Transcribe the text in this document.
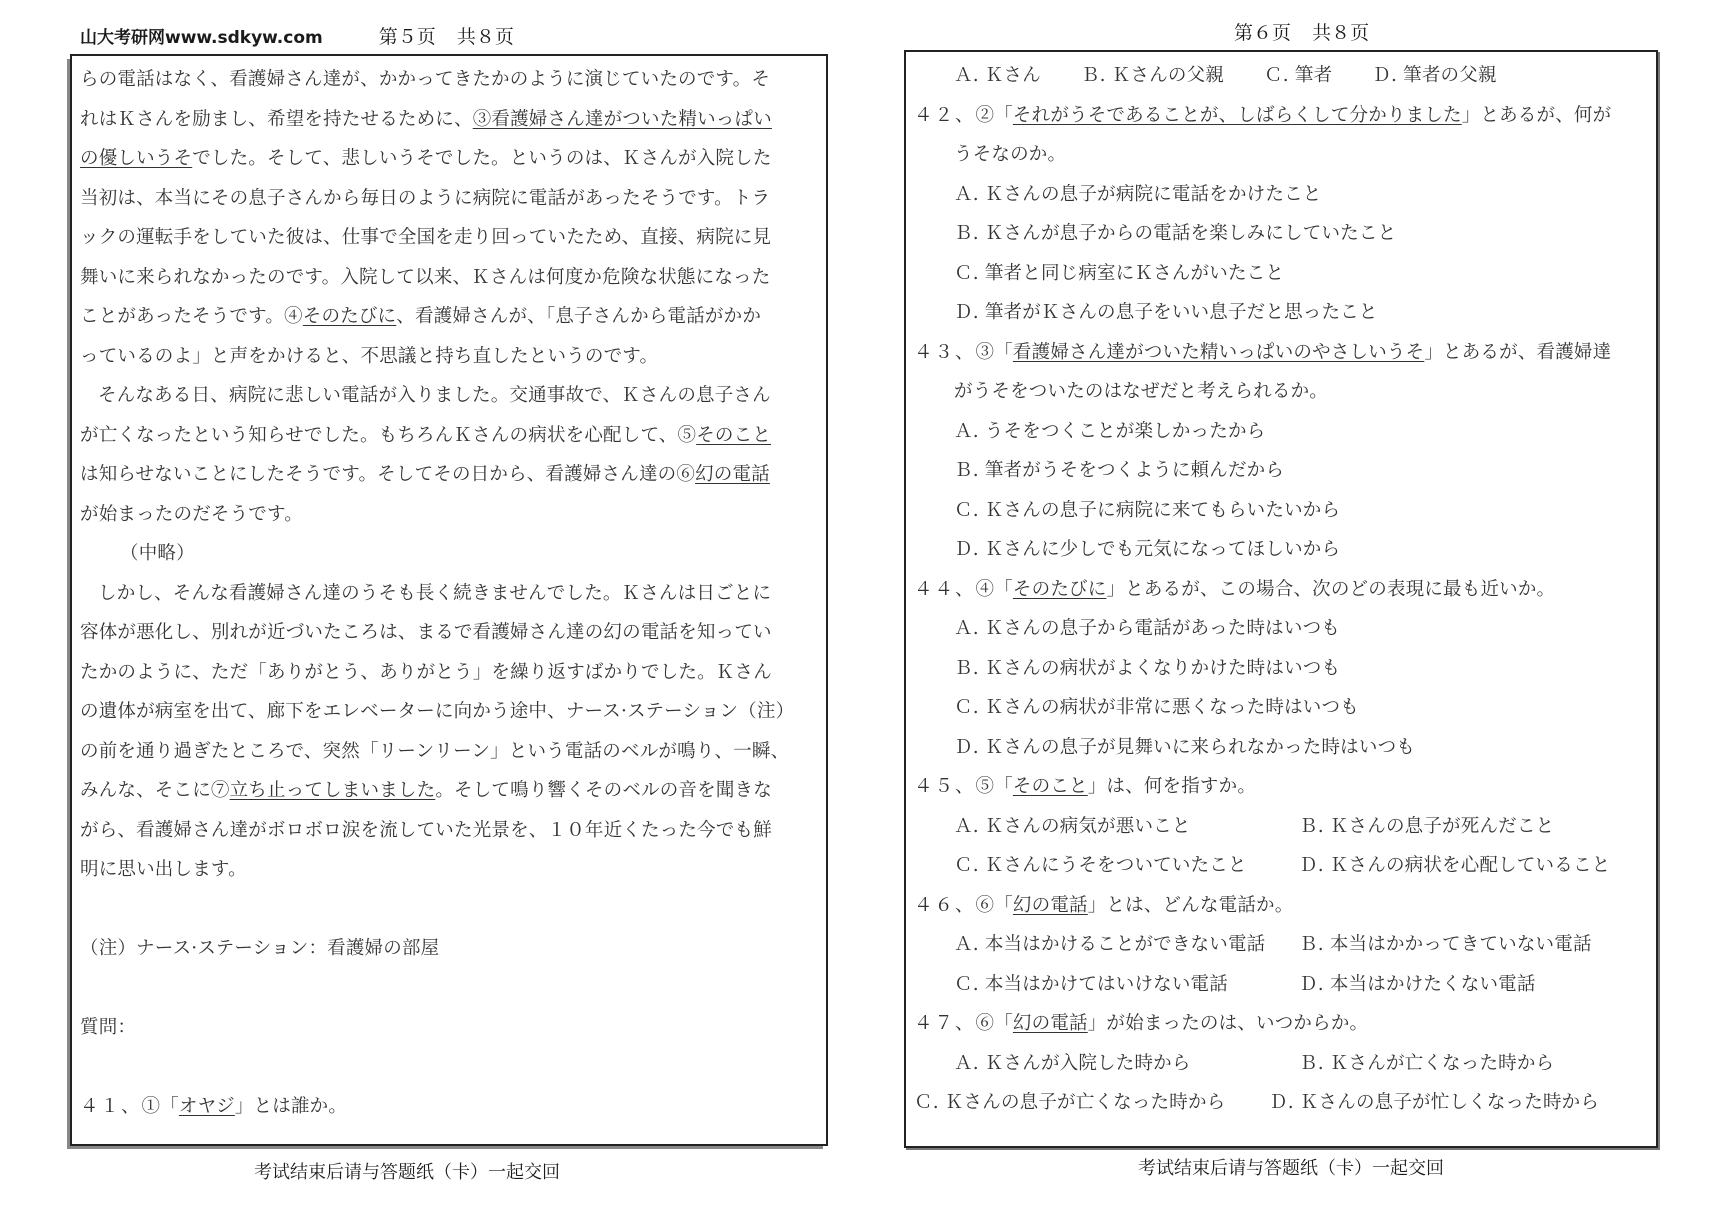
山大考研网www.sdkyw.com	第５页 共８页	第６页 共８页
らの電話はなく、看護婦さん達が、かかってきたかのように演じていたのです。そ
れはＫさんを励まし、希望を持たせるために、③看護婦さん達がついた精いっぱい
の優しいうそでした。そして、悲しいうそでした。というのは、Ｋさんが入院した
当初は、本当にその息子さんから毎日のように病院に電話があったそうです。トラ
ックの運転手をしていた彼は、仕事で全国を走り回っていたため、直接、病院に見
舞いに来られなかったのです。入院して以来、Ｋさんは何度か危険な状態になった
ことがあったそうです。④そのたびに、看護婦さんが、「息子さんから電話がかか
っているのよ」と声をかけると、不思議と持ち直したというのです。
そんなある日、病院に悲しい電話が入りました。交通事故で、Ｋさんの息子さん
が亡くなったという知らせでした。もちろんＫさんの病状を心配して、⑤そのこと
は知らせないことにしたそうです。そしてその日から、看護婦さん達の⑥幻の電話
が始まったのだそうです。
（中略）
しかし、そんな看護婦さん達のうそも長く続きませんでした。Ｋさんは日ごとに
容体が悪化し、別れが近づいたころは、まるで看護婦さん達の幻の電話を知ってい
たかのように、ただ「ありがとう、ありがとう」を繰り返すばかりでした。Ｋさん
の遺体が病室を出て、廊下をエレベーターに向かう途中、ナース·ステーション（注）
の前を通り過ぎたところで、突然「リーンリーン」という電話のベルが鳴り、一瞬、
みんな、そこに⑦立ち止ってしまいました。そして鳴り響くそのベルの音を聞きな
がら、看護婦さん達がボロボロ涙を流していた光景を、１０年近くたった今でも鮮
明に思い出します。
（注）ナース·ステーション：看護婦の部屋
質問：
４１、①「オヤジ」とは誰か。
Ａ. Ｋさん Ｂ. Ｋさんの父親 Ｃ. 筆者 Ｄ. 筆者の父親
４２、②「それがうそであることが、しばらくして分かりました」とあるが、何が
うそなのか。
Ａ. Ｋさんの息子が病院に電話をかけたこと
Ｂ. Ｋさんが息子からの電話を楽しみにしていたこと
Ｃ. 筆者と同じ病室にＫさんがいたこと
Ｄ. 筆者がＫさんの息子をいい息子だと思ったこと
４３、③「看護婦さん達がついた精いっぱいのやさしいうそ」とあるが、看護婦達
がうそをついたのはなぜだと考えられるか。
Ａ. うそをつくことが楽しかったから
Ｂ. 筆者がうそをつくように頼んだから
Ｃ. Ｋさんの息子に病院に来てもらいたいから
Ｄ. Ｋさんに少しでも元気になってほしいから
４４、④「そのたびに」とあるが、この場合、次のどの表現に最も近いか。
Ａ. Ｋさんの息子から電話があった時はいつも
Ｂ. Ｋさんの病状がよくなりかけた時はいつも
Ｃ. Ｋさんの病状が非常に悪くなった時はいつも
Ｄ. Ｋさんの息子が見舞いに来られなかった時はいつも
４５、⑤「そのこと」は、何を指すか。
Ａ. Ｋさんの病気が悪いこと	Ｂ. Ｋさんの息子が死んだこと
Ｃ. Ｋさんにうそをついていたこと	Ｄ. Ｋさんの病状を心配していること
４６、⑥「幻の電話」とは、どんな電話か。
Ａ. 本当はかけることができない電話	Ｂ. 本当はかかってきていない電話
Ｃ. 本当はかけてはいけない電話	Ｄ. 本当はかけたくない電話
４７、⑥「幻の電話」が始まったのは、いつからか。
Ａ. Ｋさんが入院した時から	Ｂ. Ｋさんが亡くなった時から
Ｃ. Ｋさんの息子が亡くなった時から	Ｄ. Ｋさんの息子が忙しくなった時から
考试结束后请与答题纸（卡）一起交回	考试结束后请与答题纸（卡）一起交回
